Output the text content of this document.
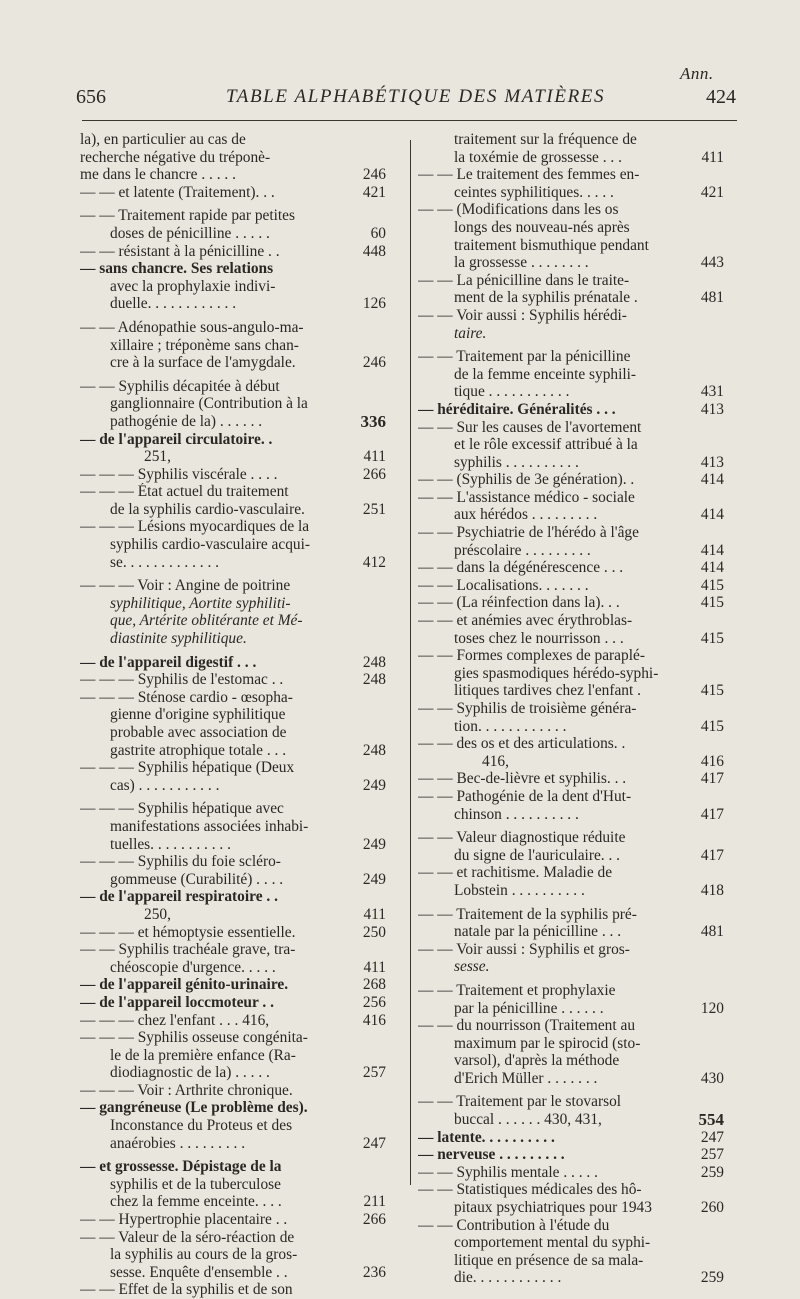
Ann.
656	TABLE ALPHABÉTIQUE DES MATIÈRES	424
la), en particulier au cas de
recherche négative du tréponè-
me dans le chancre . . . . .	246
— — et latente (Traitement). . .	421
— — Traitement rapide par petites
doses de pénicilline . . . . .	60
— — résistant à la pénicilline . .	448
— sans chancre. Ses relations
avec la prophylaxie indivi-
duelle. . . . . . . . . . . .	126
— — Adénopathie sous-angulo-ma-
xillaire ; tréponème sans chan-
cre à la surface de l'amygdale.	246
— — Syphilis décapitée à début
ganglionnaire (Contribution à la
pathogénie de la) . . . . . .	336
— de l'appareil circulatoire. .
251,	411
— — — Syphilis viscérale . . . .	266
— — — État actuel du traitement
de la syphilis cardio-vasculaire.	251
— — — Lésions myocardiques de la
syphilis cardio-vasculaire acqui-
se. . . . . . . . . . . . .	412
— — — Voir : Angine de poitrine
syphilitique, Aortite syphiliti-
que, Artérite oblitérante et Mé-
diastinite syphilitique.
— de l'appareil digestif . . .	248
— — — Syphilis de l'estomac . .	248
— — — Sténose cardio - œsopha-
gienne d'origine syphilitique
probable avec association de
gastrite atrophique totale . . .	248
— — — Syphilis hépatique (Deux
cas) . . . . . . . . . . .	249
— — — Syphilis hépatique avec
manifestations associées inhabi-
tuelles. . . . . . . . . . .	249
— — — Syphilis du foie scléro-
gommeuse (Curabilité) . . . .	249
— de l'appareil respiratoire . .
250,	411
— — — et hémoptysie essentielle.	250
— — Syphilis trachéale grave, tra-
chéoscopie d'urgence. . . . .	411
— de l'appareil génito-urinaire.	268
— de l'appareil loccmoteur . .	256
— — — chez l'enfant . . . 416,	416
— — — Syphilis osseuse congénita-
le de la première enfance (Ra-
diodiagnostic de la) . . . . .	257
— — — Voir : Arthrite chronique.
— gangréneuse (Le problème des).
Inconstance du Proteus et des
anaérobies . . . . . . . . .	247
— et grossesse. Dépistage de la
syphilis et de la tuberculose
chez la femme enceinte. . . .	211
— — Hypertrophie placentaire . .	266
— — Valeur de la séro-réaction de
la syphilis au cours de la gros-
sesse. Enquête d'ensemble . .	236
— — Effet de la syphilis et de son
traitement sur la fréquence de
la toxémie de grossesse . . .	411
— — Le traitement des femmes en-
ceintes syphilitiques. . . . .	421
— — (Modifications dans les os
longs des nouveau-nés après
traitement bismuthique pendant
la grossesse . . . . . . . .	443
— — La pénicilline dans le traite-
ment de la syphilis prénatale .	481
— — Voir aussi : Syphilis hérédi-
taire.
— — Traitement par la pénicilline
de la femme enceinte syphili-
tique . . . . . . . . . . .	431
— héréditaire. Généralités . . .	413
— — Sur les causes de l'avortement
et le rôle excessif attribué à la
syphilis . . . . . . . . . .	413
— — (Syphilis de 3e génération). .	414
— — L'assistance médico - sociale
aux hérédos . . . . . . . . .	414
— — Psychiatrie de l'hérédo à l'âge
préscolaire . . . . . . . . .	414
— — dans la dégénérescence . . .	414
— — Localisations. . . . . . .	415
— — (La réinfection dans la). . .	415
— — et anémies avec érythroblas-
toses chez le nourrisson . . .	415
— — Formes complexes de paraplé-
gies spasmodiques hérédo-syphi-
litiques tardives chez l'enfant .	415
— — Syphilis de troisième généra-
tion. . . . . . . . . . . .	415
— — des os et des articulations. .
416,	416
— — Bec-de-lièvre et syphilis. . .	417
— — Pathogénie de la dent d'Hut-
chinson . . . . . . . . . .	417
— — Valeur diagnostique réduite
du signe de l'auriculaire. . .	417
— — et rachitisme. Maladie de
Lobstein . . . . . . . . . .	418
— — Traitement de la syphilis pré-
natale par la pénicilline . . .	481
— — Voir aussi : Syphilis et gros-
sesse.
— — Traitement et prophylaxie
par la pénicilline . . . . . .	120
— — du nourrisson (Traitement au
maximum par le spirocid (sto-
varsol), d'après la méthode
d'Erich Müller . . . . . . .	430
— — Traitement par le stovarsol
buccal . . . . . . 430, 431,	554
— latente. . . . . . . . . .	247
— nerveuse . . . . . . . . .	257
— — Syphilis mentale . . . . .	259
— — Statistiques médicales des hô-
pitaux psychiatriques pour 1943	260
— — Contribution à l'étude du
comportement mental du syphi-
litique en présence de sa mala-
die. . . . . . . . . . . .	259
